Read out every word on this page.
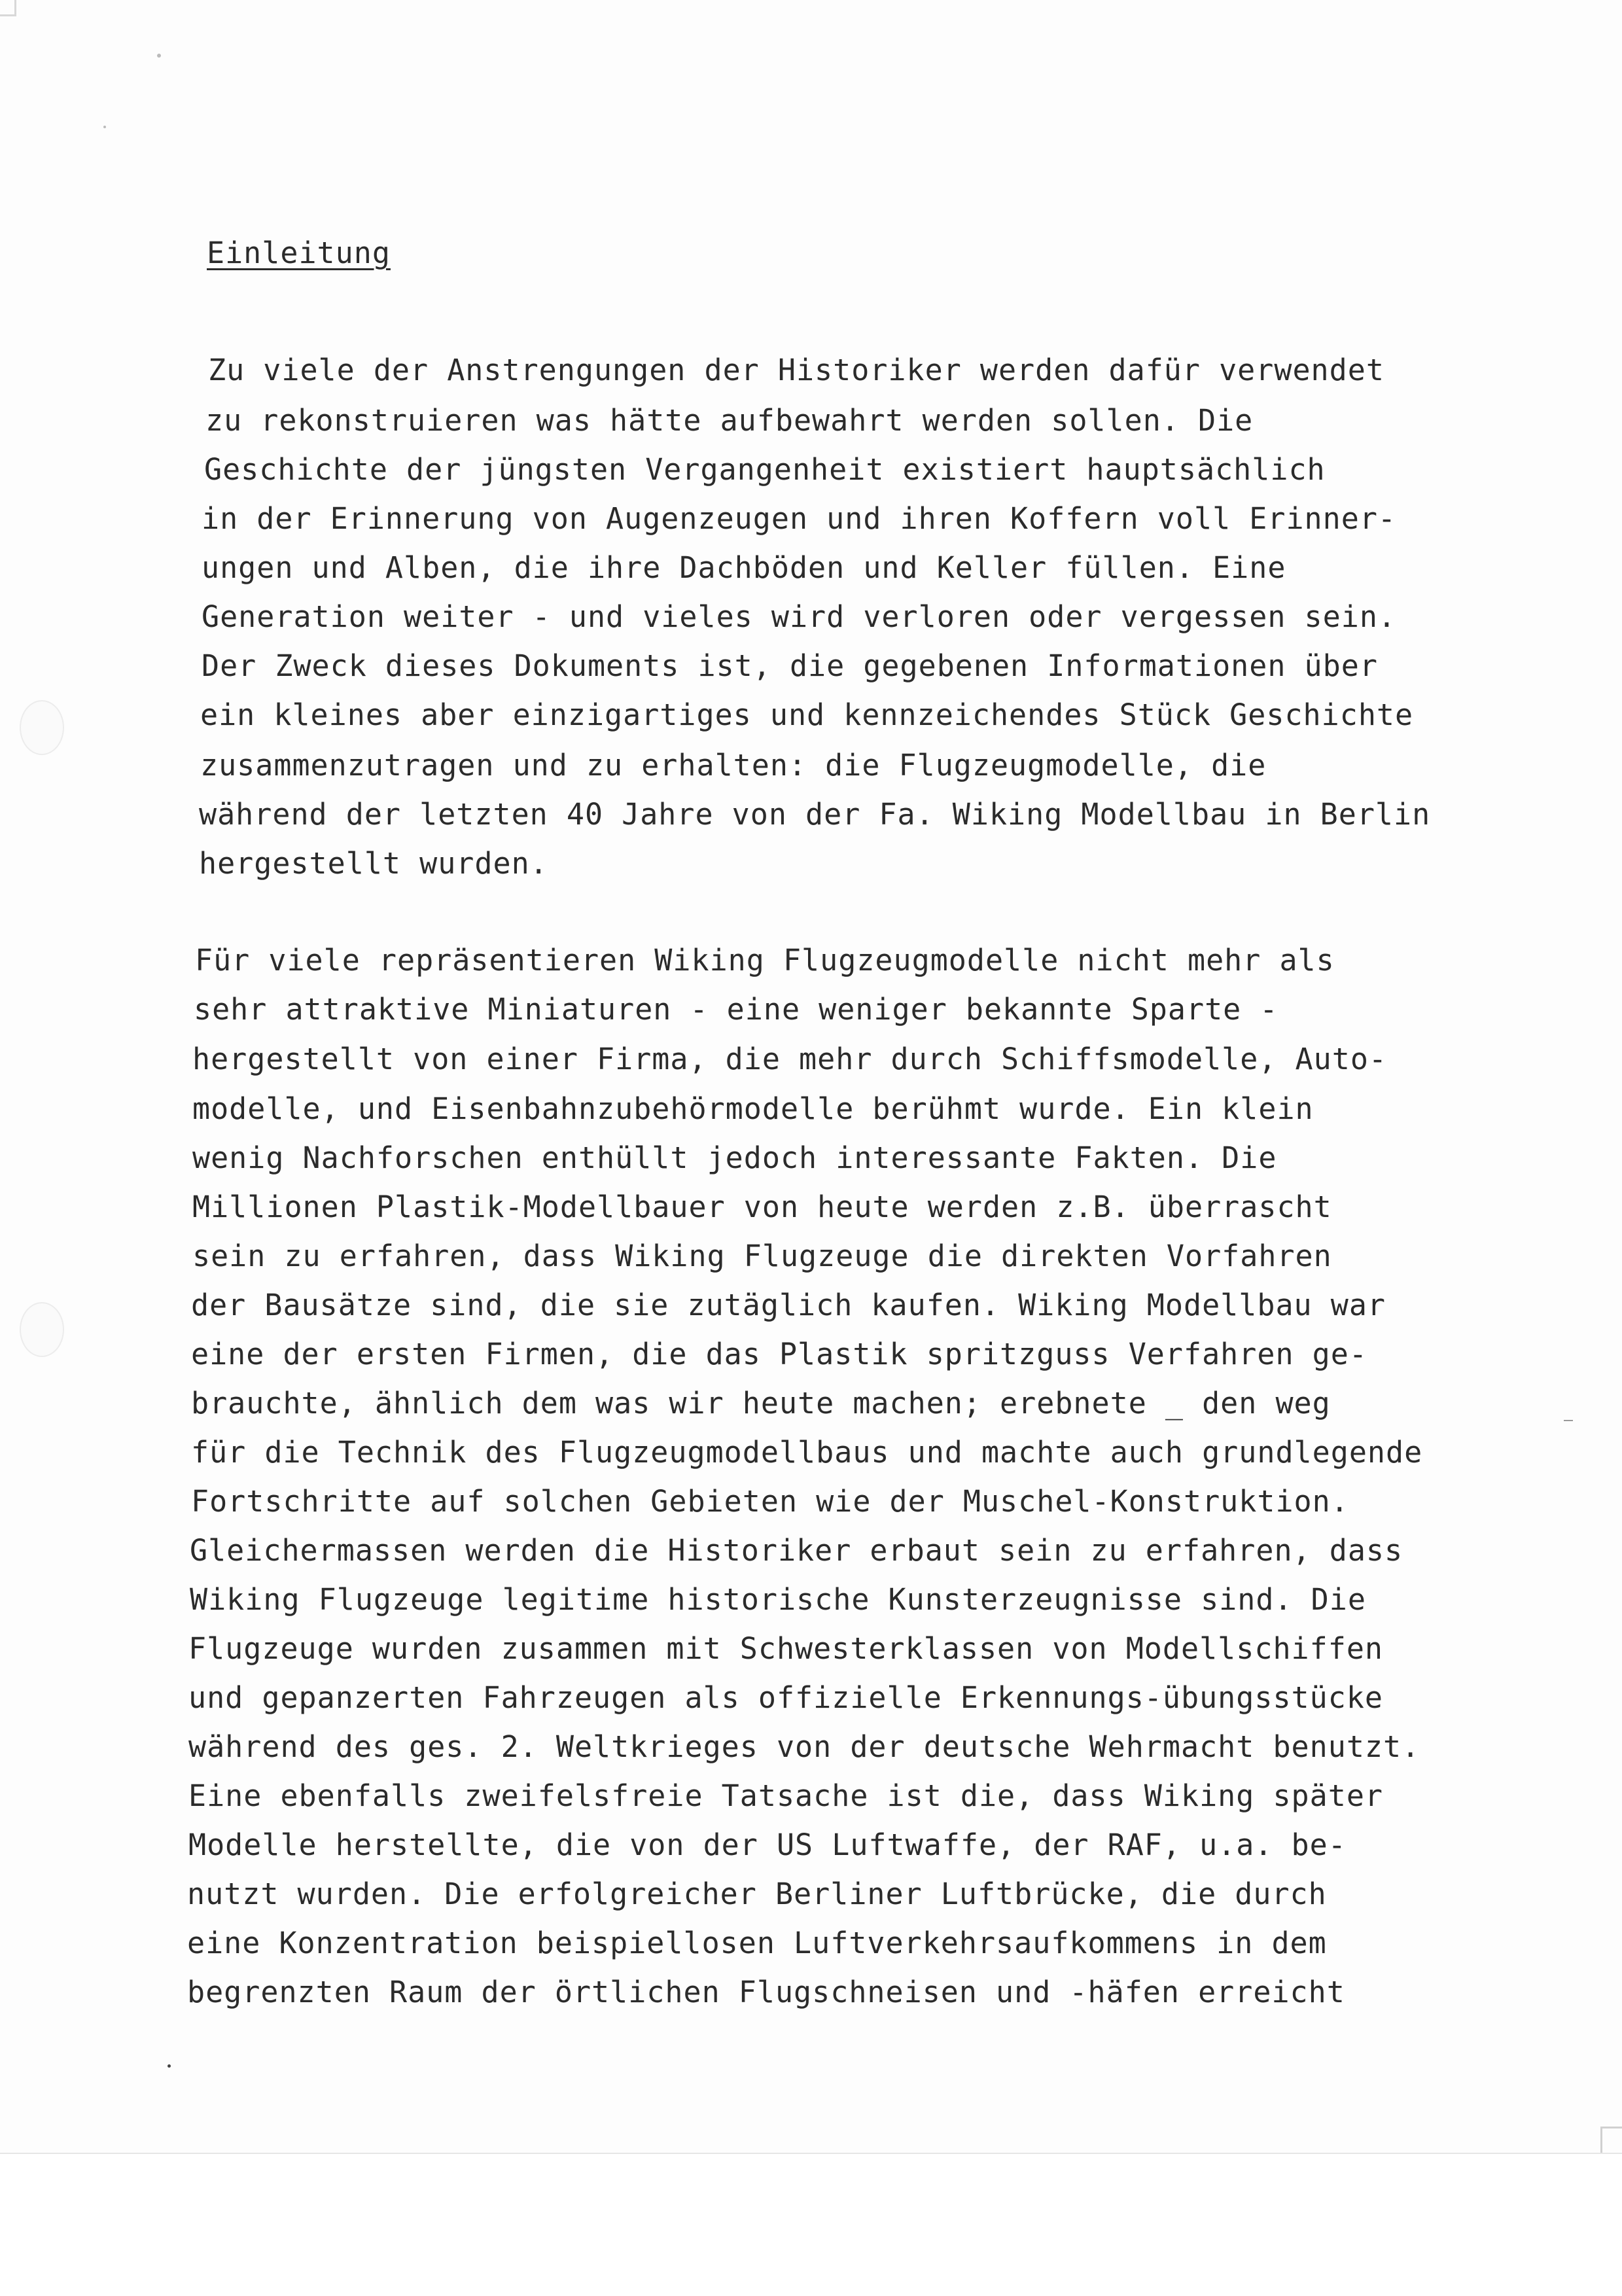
Einleitung
Zu viele der Anstrengungen der Historiker werden dafür verwendet
zu rekonstruieren was hätte aufbewahrt werden sollen. Die
Geschichte der jüngsten Vergangenheit existiert hauptsächlich
in der Erinnerung von Augenzeugen und ihren Koffern voll Erinner-
ungen und Alben, die ihre Dachböden und Keller füllen. Eine
Generation weiter - und vieles wird verloren oder vergessen sein.
Der Zweck dieses Dokuments ist, die gegebenen Informationen über
ein kleines aber einzigartiges und kennzeichendes Stück Geschichte
zusammenzutragen und zu erhalten: die Flugzeugmodelle, die
während der letzten 40 Jahre von der Fa. Wiking Modellbau in Berlin
hergestellt wurden.
Für viele repräsentieren Wiking Flugzeugmodelle nicht mehr als
sehr attraktive Miniaturen - eine weniger bekannte Sparte -
hergestellt von einer Firma, die mehr durch Schiffsmodelle, Auto-
modelle, und Eisenbahnzubehörmodelle berühmt wurde. Ein klein
wenig Nachforschen enthüllt jedoch interessante Fakten. Die
Millionen Plastik-Modellbauer von heute werden z.B. überrascht
sein zu erfahren, dass Wiking Flugzeuge die direkten Vorfahren
der Bausätze sind, die sie zutäglich kaufen. Wiking Modellbau war
eine der ersten Firmen, die das Plastik spritzguss Verfahren ge-
brauchte, ähnlich dem was wir heute machen; erebnete _ den weg
für die Technik des Flugzeugmodellbaus und machte auch grundlegende
Fortschritte auf solchen Gebieten wie der Muschel-Konstruktion.
Gleichermassen werden die Historiker erbaut sein zu erfahren, dass
Wiking Flugzeuge legitime historische Kunsterzeugnisse sind. Die
Flugzeuge wurden zusammen mit Schwesterklassen von Modellschiffen
und gepanzerten Fahrzeugen als offizielle Erkennungs-übungsstücke
während des ges. 2. Weltkrieges von der deutsche Wehrmacht benutzt.
Eine ebenfalls zweifelsfreie Tatsache ist die, dass Wiking später
Modelle herstellte, die von der US Luftwaffe, der RAF, u.a. be-
nutzt wurden. Die erfolgreicher Berliner Luftbrücke, die durch
eine Konzentration beispiellosen Luftverkehrsaufkommens in dem
begrenzten Raum der örtlichen Flugschneisen und -häfen erreicht
